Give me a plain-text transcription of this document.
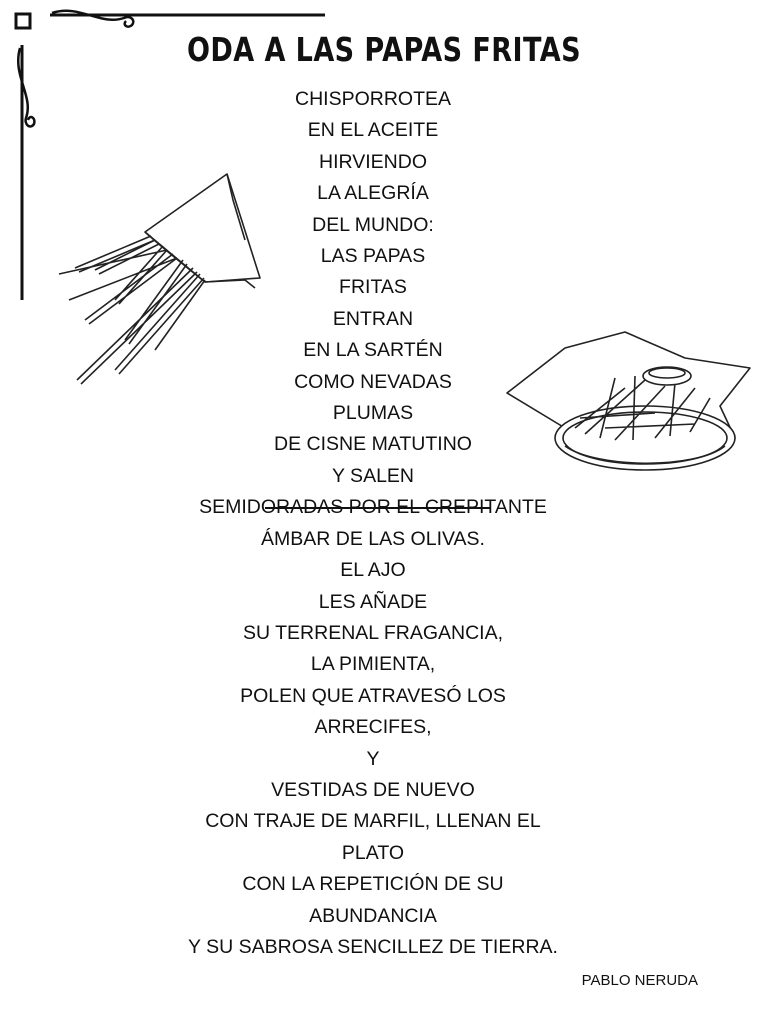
ODA A LAS PAPAS FRITAS
CHISPORROTEA
EN EL ACEITE
HIRVIENDO
LA ALEGRÍA
DEL MUNDO:
LAS PAPAS
FRITAS
ENTRAN
EN LA SARTÉN
COMO NEVADAS
PLUMAS
DE CISNE MATUTINO
Y SALEN
SEMIDORADAS POR EL CREPITANTE
ÁMBAR DE LAS OLIVAS.
EL AJO
LES AÑADE
SU TERRENAL FRAGANCIA,
LA PIMIENTA,
POLEN QUE ATRAVESÓ LOS
ARRECIFES,
Y
VESTIDAS DE NUEVO
CON TRAJE DE MARFIL, LLENAN EL
PLATO
CON LA REPETICIÓN DE SU
ABUNDANCIA
Y SU SABROSA SENCILLEZ DE TIERRA.
PABLO NERUDA
